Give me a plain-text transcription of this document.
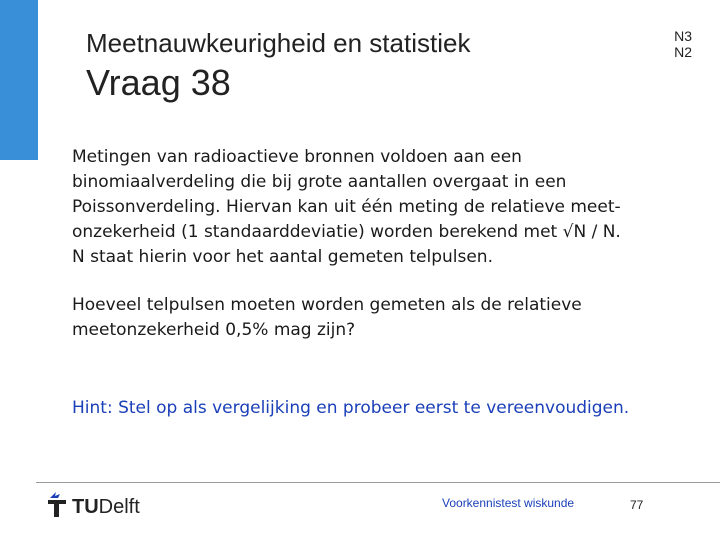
Meetnauwkeurigheid en statistiek
Vraag 38
N3
N2

Metingen van radioactieve bronnen voldoen aan een
binomiaalverdeling die bij grote aantallen overgaat in een
Poissonverdeling. Hiervan kan uit één meting de relatieve meet-
onzekerheid (1 standaarddeviatie) worden berekend met √N / N.
N staat hierin voor het aantal gemeten telpulsen.

Hoeveel telpulsen moeten worden gemeten als de relatieve
meetonzekerheid 0,5% mag zijn?

Hint: Stel op als vergelijking en probeer eerst te vereenvoudigen.
TUDelft	Voorkennistest wiskunde	77
